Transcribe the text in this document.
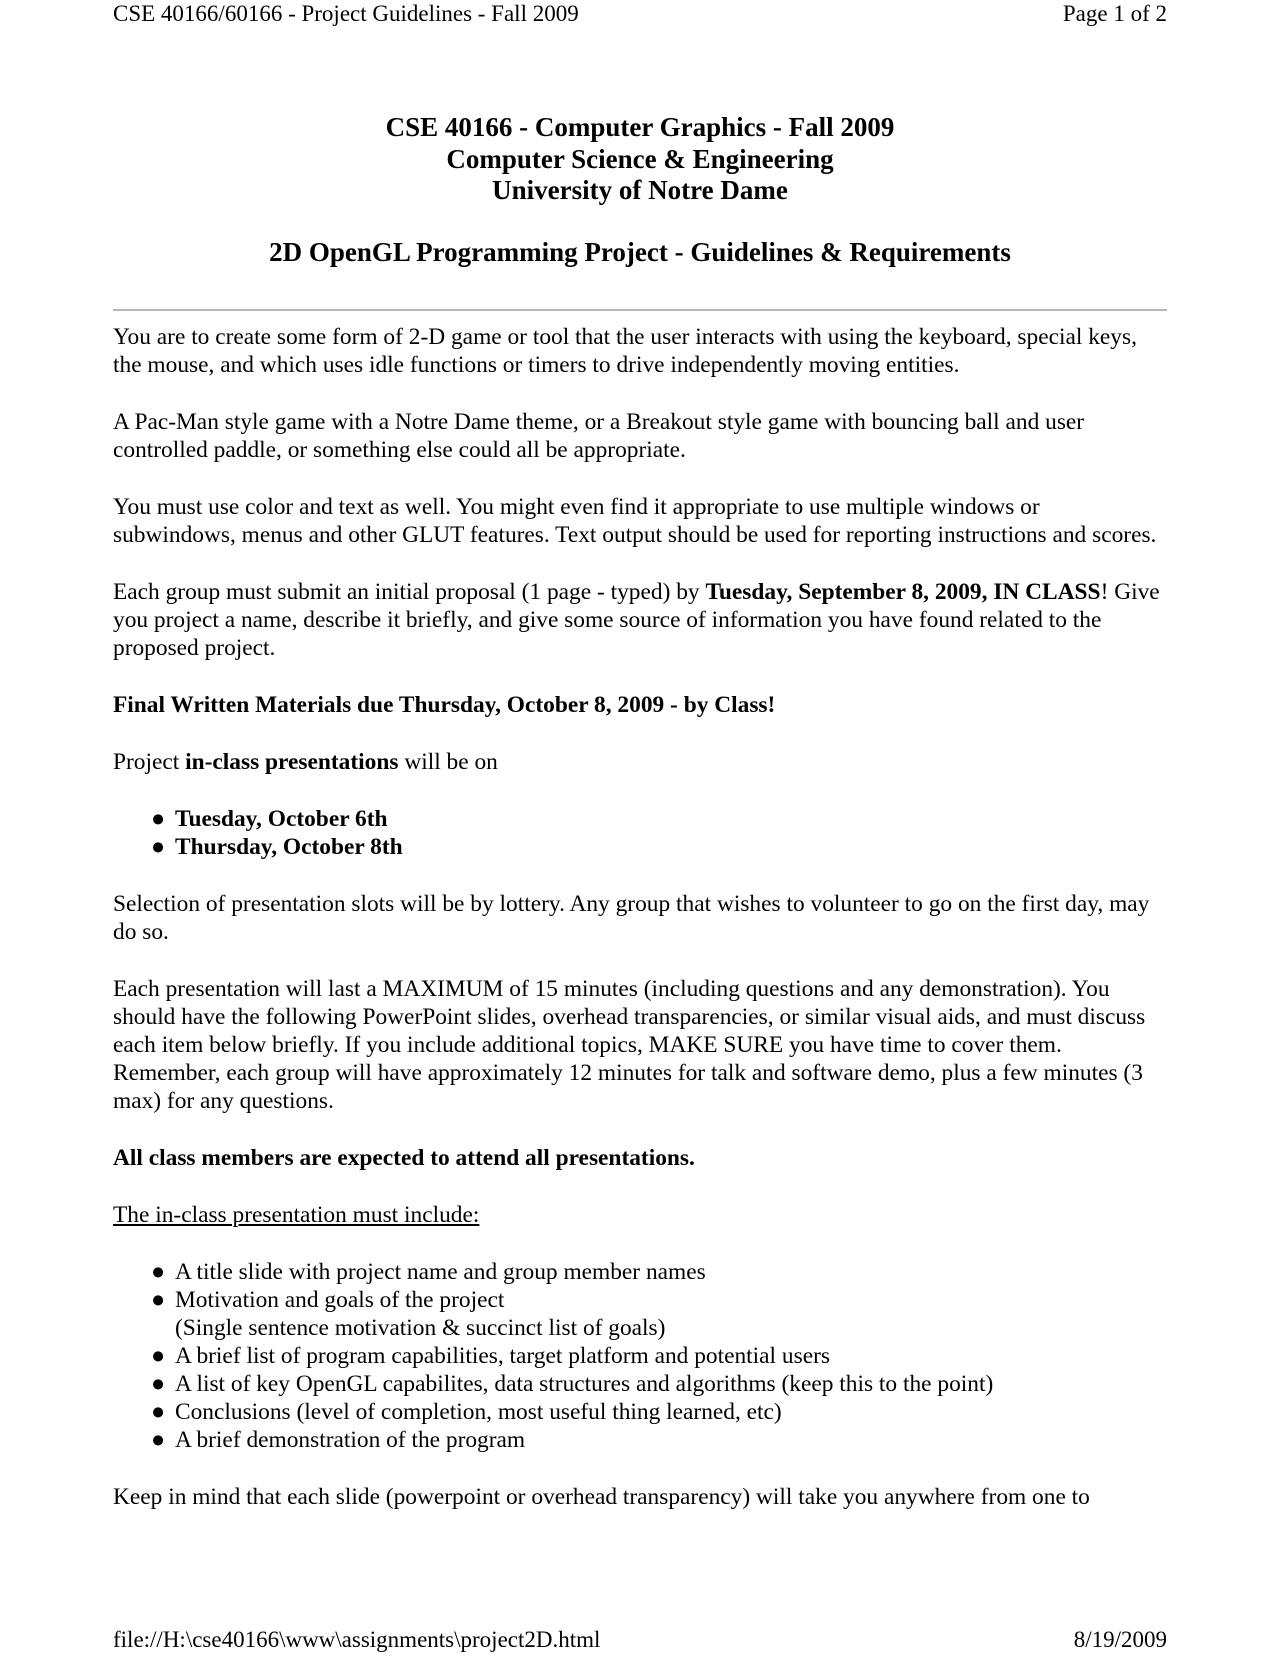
CSE 40166/60166 - Project Guidelines - Fall 2009	Page 1 of 2
CSE 40166 - Computer Graphics - Fall 2009
Computer Science & Engineering
University of Notre Dame
2D OpenGL Programming Project - Guidelines & Requirements

You are to create some form of 2-D game or tool that the user interacts with using the keyboard, special keys, the mouse, and which uses idle functions or timers to drive independently moving entities.

A Pac-Man style game with a Notre Dame theme, or a Breakout style game with bouncing ball and user controlled paddle, or something else could all be appropriate.

You must use color and text as well. You might even find it appropriate to use multiple windows or subwindows, menus and other GLUT features. Text output should be used for reporting instructions and scores.

Each group must submit an initial proposal (1 page - typed) by Tuesday, September 8, 2009, IN CLASS! Give you project a name, describe it briefly, and give some source of information you have found related to the proposed project.

Final Written Materials due Thursday, October 8, 2009 - by Class!

Project in-class presentations will be on

● Tuesday, October 6th
● Thursday, October 8th

Selection of presentation slots will be by lottery. Any group that wishes to volunteer to go on the first day, may do so.

Each presentation will last a MAXIMUM of 15 minutes (including questions and any demonstration). You should have the following PowerPoint slides, overhead transparencies, or similar visual aids, and must discuss each item below briefly. If you include additional topics, MAKE SURE you have time to cover them. Remember, each group will have approximately 12 minutes for talk and software demo, plus a few minutes (3 max) for any questions.

All class members are expected to attend all presentations.

The in-class presentation must include:

● A title slide with project name and group member names
● Motivation and goals of the project
(Single sentence motivation & succinct list of goals)
● A brief list of program capabilities, target platform and potential users
● A list of key OpenGL capabilites, data structures and algorithms (keep this to the point)
● Conclusions (level of completion, most useful thing learned, etc)
● A brief demonstration of the program

Keep in mind that each slide (powerpoint or overhead transparency) will take you anywhere from one to

file://H:\cse40166\www\assignments\project2D.html	8/19/2009
